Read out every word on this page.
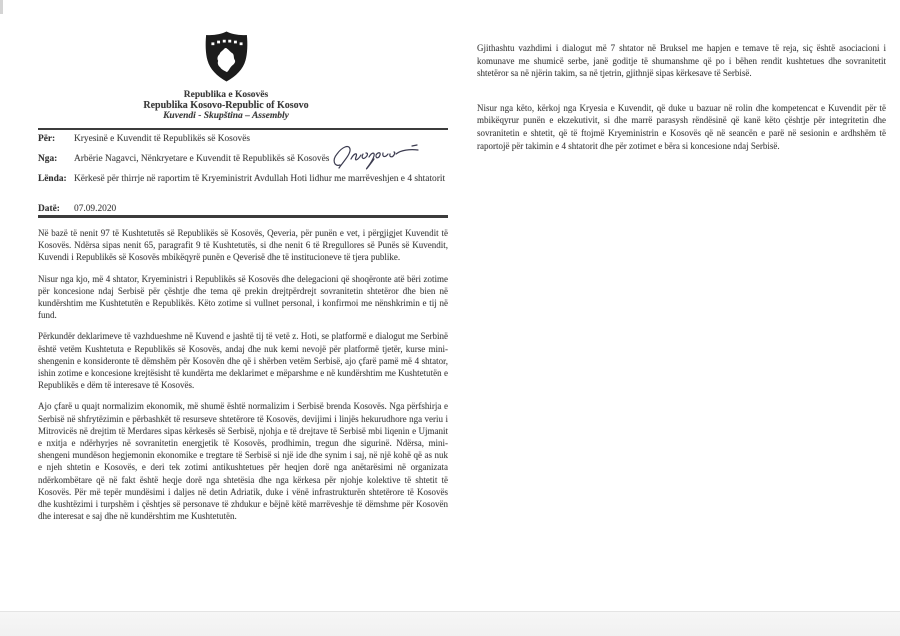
Republika e Kosovës
Republika Kosovo-Republic of Kosovo
Kuvendi - Skupština – Assembly
Për:	Kryesinë e Kuvendit të Republikës së Kosovës
Nga:	Arbërie Nagavci, Nënkryetare e Kuvendit të Republikës së Kosovës
Lënda: Kërkesë për thirrje në raportim të Kryeministrit Avdullah Hoti lidhur me marrëveshjen e 4 shtatorit
Datë:	07.09.2020

Në bazë të nenit 97 të Kushtetutës së Republikës së Kosovës, Qeveria, për punën e vet, i përgjigjet Kuvendit të Kosovës. Ndërsa sipas nenit 65, paragrafit 9 të Kushtetutës, si dhe nenit 6 të Rregullores së Punës së Kuvendit, Kuvendi i Republikës së Kosovës mbikëqyrë punën e Qeverisë dhe të institucioneve të tjera publike.

Nisur nga kjo, më 4 shtator, Kryeministri i Republikës së Kosovës dhe delegacioni që shoqëronte atë bëri zotime për koncesione ndaj Serbisë për çështje dhe tema që prekin drejtpërdrejt sovranitetin shtetëror dhe bien në kundërshtim me Kushtetutën e Republikës. Këto zotime si vullnet personal, i konfirmoi me nënshkrimin e tij në fund.

Përkundër deklarimeve të vazhdueshme në Kuvend e jashtë tij të vetë z. Hoti, se platformë e dialogut me Serbinë është vetëm Kushtetuta e Republikës së Kosovës, andaj dhe nuk kemi nevojë për platformë tjetër, kurse mini-shengenin e konsideronte të dëmshëm për Kosovën dhe që i shërben vetëm Serbisë, ajo çfarë pamë më 4 shtator, ishin zotime e koncesione krejtësisht të kundërta me deklarimet e mëparshme e në kundërshtim me Kushtetutën e Republikës e dëm të interesave të Kosovës.

Ajo çfarë u quajt normalizim ekonomik, më shumë është normalizim i Serbisë brenda Kosovës. Nga përfshirja e Serbisë në shfrytëzimin e përbashkët të resurseve shtetërore të Kosovës, devijimi i linjës hekurudhore nga veriu i Mitrovicës në drejtim të Merdares sipas kërkesës së Serbisë, njohja e të drejtave të Serbisë mbi liqenin e Ujmanit e nxitja e ndërhyrjes në sovranitetin energjetik të Kosovës, prodhimin, tregun dhe sigurinë. Ndërsa, mini-shengeni mundëson hegjemonin ekonomike e tregtare të Serbisë si një ide dhe synim i saj, në një kohë që as nuk e njeh shtetin e Kosovës, e deri tek zotimi antikushtetues për heqjen dorë nga anëtarësimi në organizata ndërkombëtare që në fakt është heqje dorë nga shtetësia dhe nga kërkesa për njohje kolektive të shtetit të Kosovës. Për më tepër mundësimi i daljes në detin Adriatik, duke i vënë infrastrukturën shtetërore të Kosovës dhe kushtëzimi i turpshëm i çështjes së personave të zhdukur e bëjnë këtë marrëveshje të dëmshme për Kosovën dhe interesat e saj dhe në kundërshtim me Kushtetutën.

Gjithashtu vazhdimi i dialogut më 7 shtator në Bruksel me hapjen e temave të reja, siç është asociacioni i komunave me shumicë serbe, janë goditje të shumanshme që po i bëhen rendit kushtetues dhe sovranitetit shtetëror sa në njërin takim, sa në tjetrin, gjithnjë sipas kërkesave të Serbisë.

Nisur nga këto, kërkoj nga Kryesia e Kuvendit, që duke u bazuar në rolin dhe kompetencat e Kuvendit për të mbikëqyrur punën e ekzekutivit, si dhe marrë parasysh rëndësinë që kanë këto çështje për integritetin dhe sovranitetin e shtetit, që të ftojmë Kryeministrin e Kosovës që në seancën e parë në sesionin e ardhshëm të raportojë për takimin e 4 shtatorit dhe për zotimet e bëra si koncesione ndaj Serbisë.
